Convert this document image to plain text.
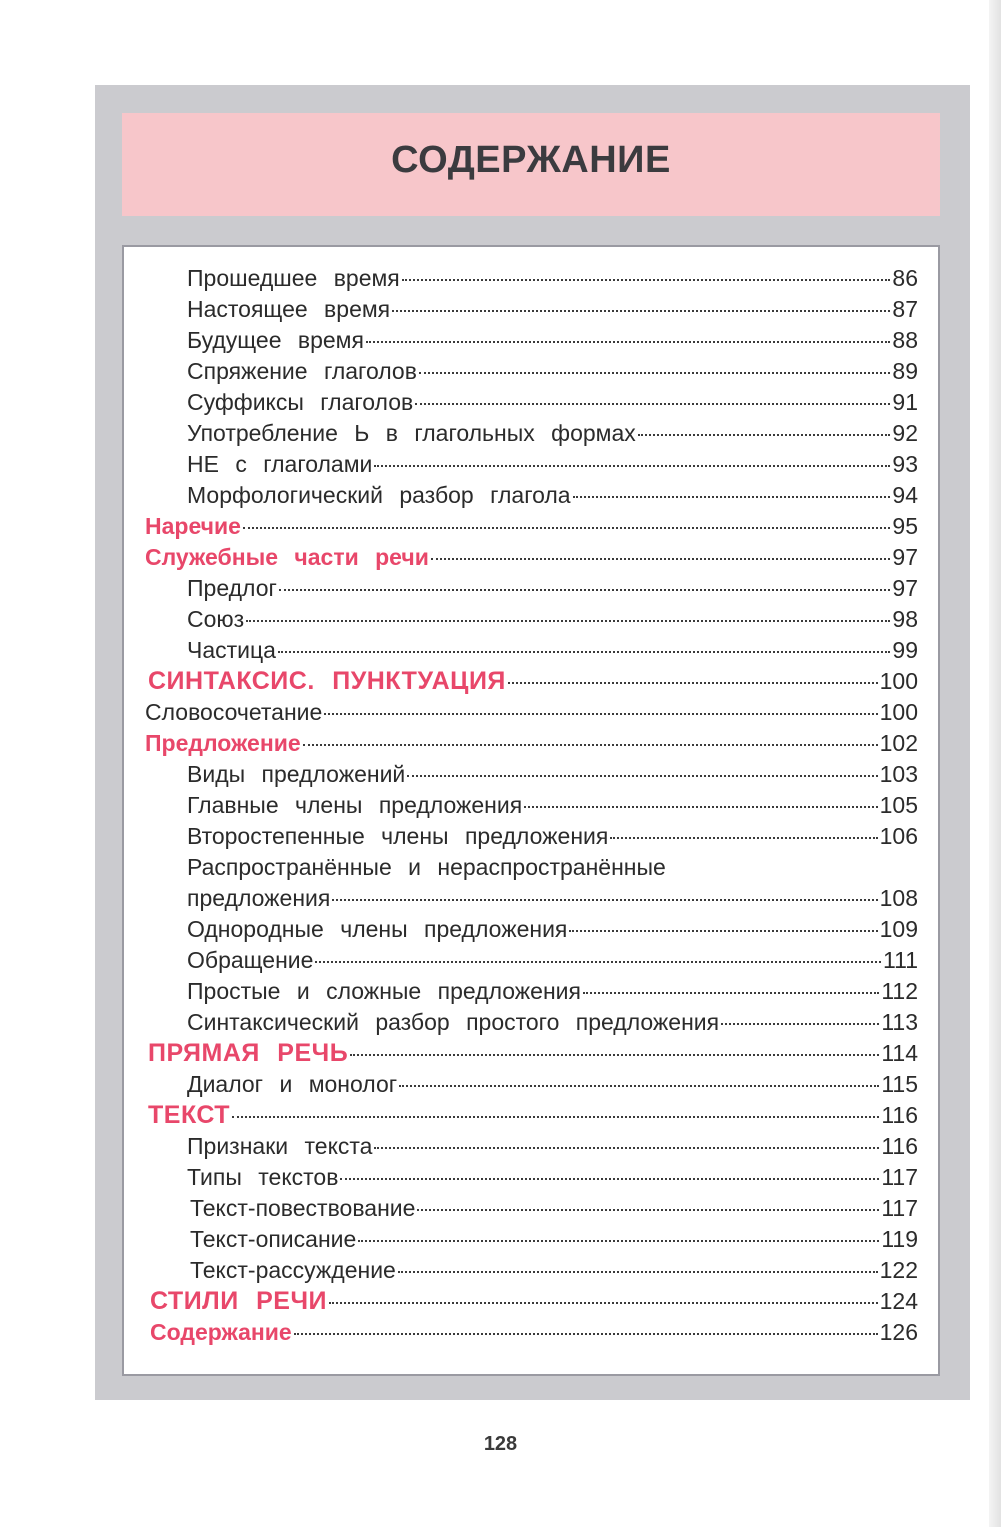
СОДЕРЖАНИЕ
Прошедшее время	86
Настоящее время	87
Будущее время	88
Спряжение глаголов	89
Суффиксы глаголов	91
Употребление Ь в глагольных формах	92
НЕ с глаголами	93
Морфологический разбор глагола	94
Наречие	95
Служебные части речи	97
Предлог	97
Союз	98
Частица	99
СИНТАКСИС. ПУНКТУАЦИЯ	100
Словосочетание	100
Предложение	102
Виды предложений	103
Главные члены предложения	105
Второстепенные члены предложения	106
Распространённые и нераспространённые
предложения	108
Однородные члены предложения	109
Обращение	111
Простые и сложные предложения	112
Синтаксический разбор простого предложения	113
ПРЯМАЯ РЕЧЬ	114
Диалог и монолог	115
ТЕКСТ	116
Признаки текста	116
Типы текстов	117
Текст-повествование	117
Текст-описание	119
Текст-рассуждение	122
СТИЛИ РЕЧИ	124
Содержание	126
128
